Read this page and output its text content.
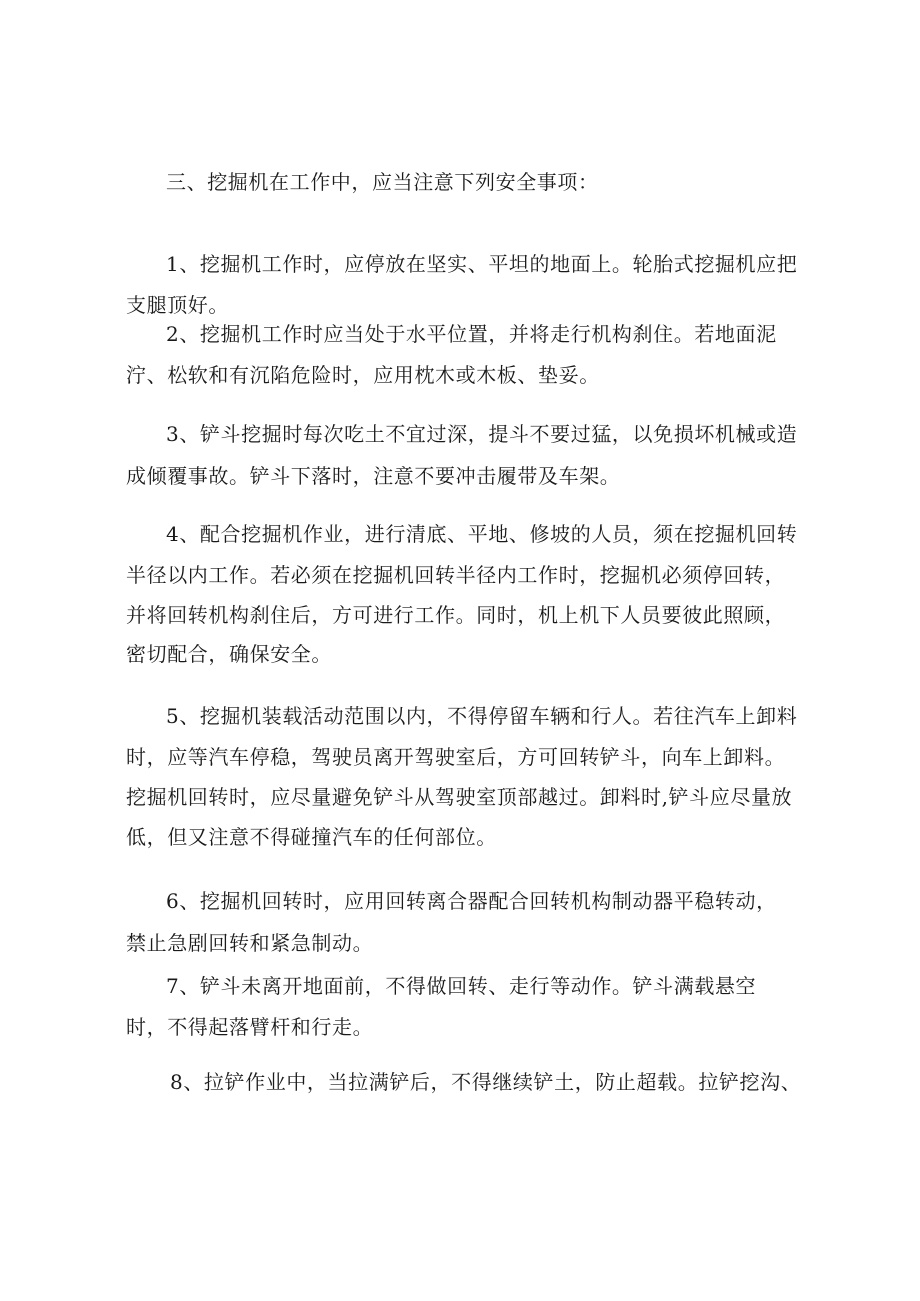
三、挖掘机在工作中，应当注意下列安全事项：
1、挖掘机工作时，应停放在坚实、平坦的地面上。轮胎式挖掘机应把
支腿顶好。
2、挖掘机工作时应当处于水平位置，并将走行机构刹住。若地面泥
泞、松软和有沉陷危险时，应用枕木或木板、垫妥。
3、铲斗挖掘时每次吃土不宜过深，提斗不要过猛，以免损坏机械或造
成倾覆事故。铲斗下落时，注意不要冲击履带及车架。
4、配合挖掘机作业，进行清底、平地、修坡的人员，须在挖掘机回转
半径以内工作。若必须在挖掘机回转半径内工作时，挖掘机必须停回转，
并将回转机构刹住后，方可进行工作。同时，机上机下人员要彼此照顾，
密切配合，确保安全。
5、挖掘机装载活动范围以内，不得停留车辆和行人。若往汽车上卸料
时，应等汽车停稳，驾驶员离开驾驶室后，方可回转铲斗，向车上卸料。
挖掘机回转时，应尽量避免铲斗从驾驶室顶部越过。卸料时,铲斗应尽量放
低，但又注意不得碰撞汽车的任何部位。
6、挖掘机回转时，应用回转离合器配合回转机构制动器平稳转动，
禁止急剧回转和紧急制动。
7、铲斗未离开地面前，不得做回转、走行等动作。铲斗满载悬空
时，不得起落臂杆和行走。
8、拉铲作业中，当拉满铲后，不得继续铲土，防止超载。拉铲挖沟、
